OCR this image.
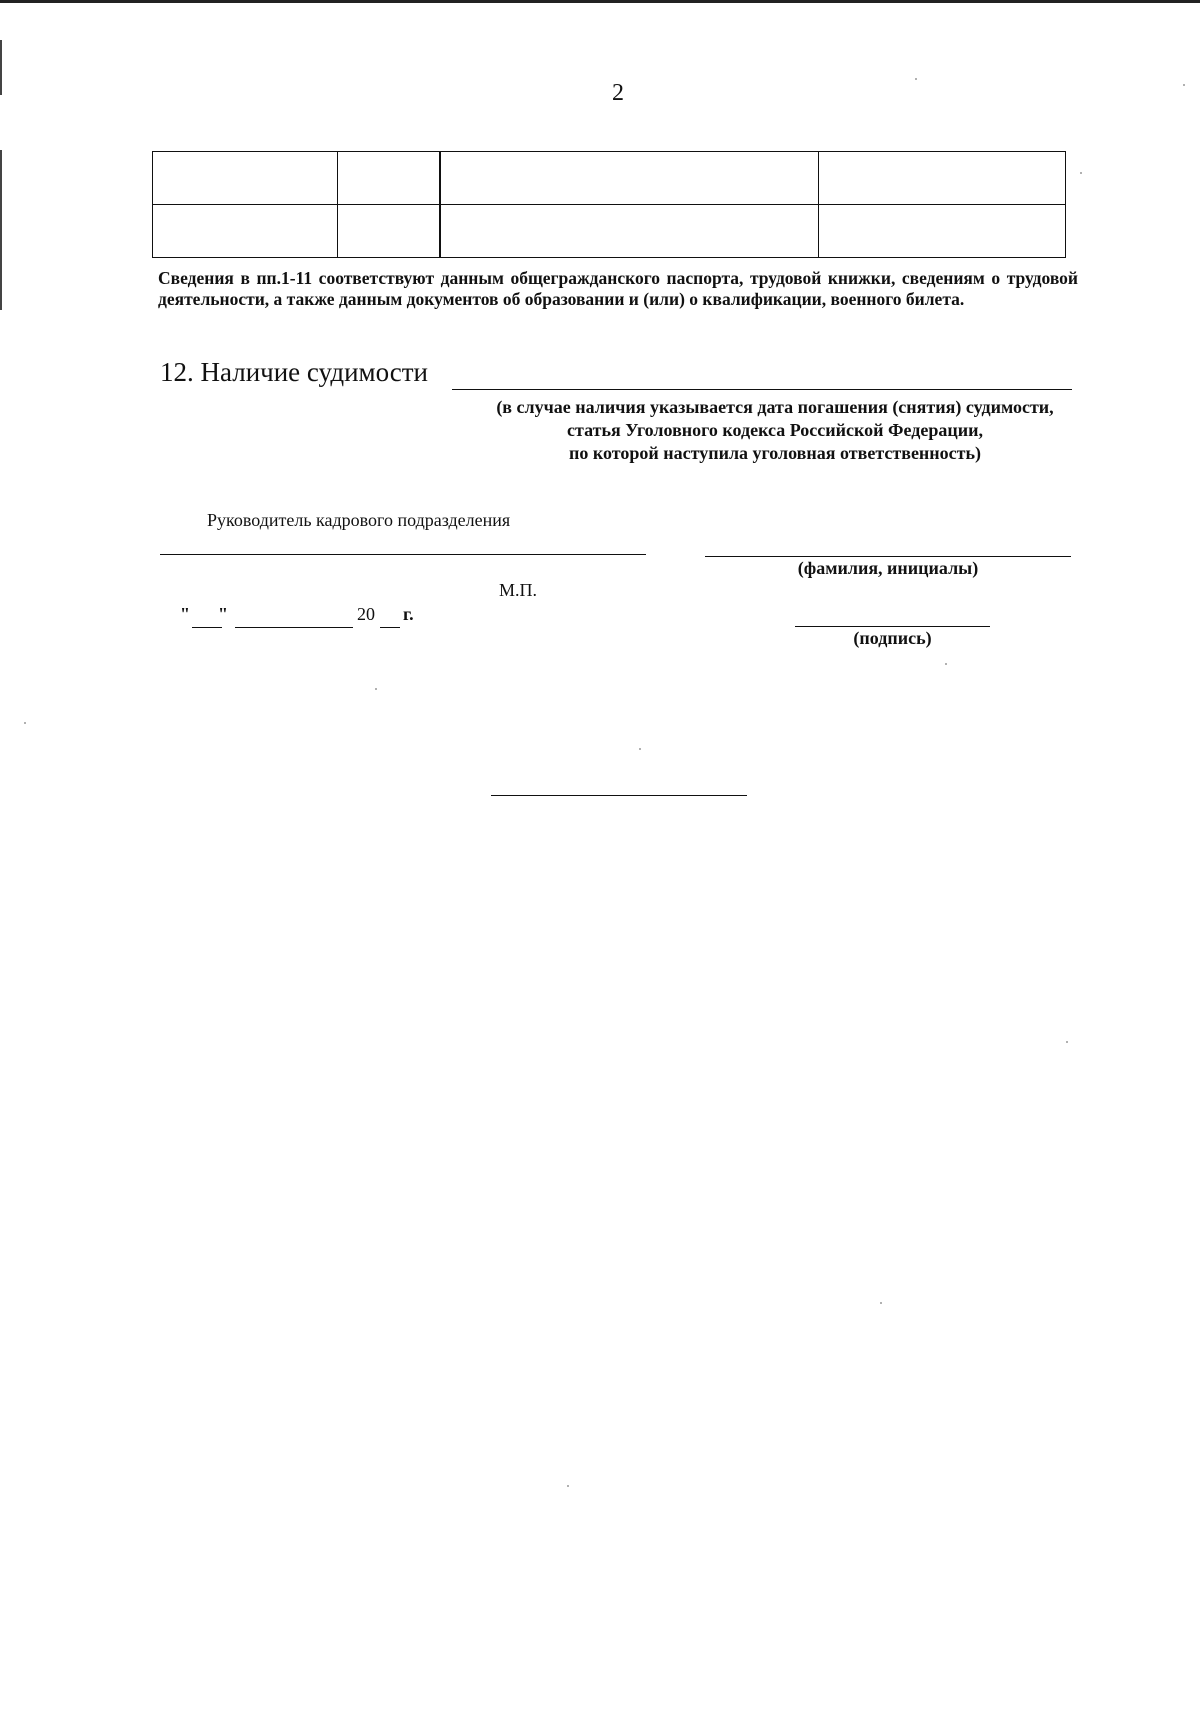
2
Сведения в пп.1-11 соответствуют данным общегражданского паспорта, трудовой книжки, сведениям о трудовой деятельности, а также данным документов об образовании и (или) о квалификации, военного билета.
12. Наличие судимости
(в случае наличия указывается дата погашения (снятия) судимости,
статья Уголовного кодекса Российской Федерации,
по которой наступила уголовная ответственность)
Руководитель кадрового подразделения
(фамилия, инициалы)
М.П.
" "	20 г.
(подпись)
